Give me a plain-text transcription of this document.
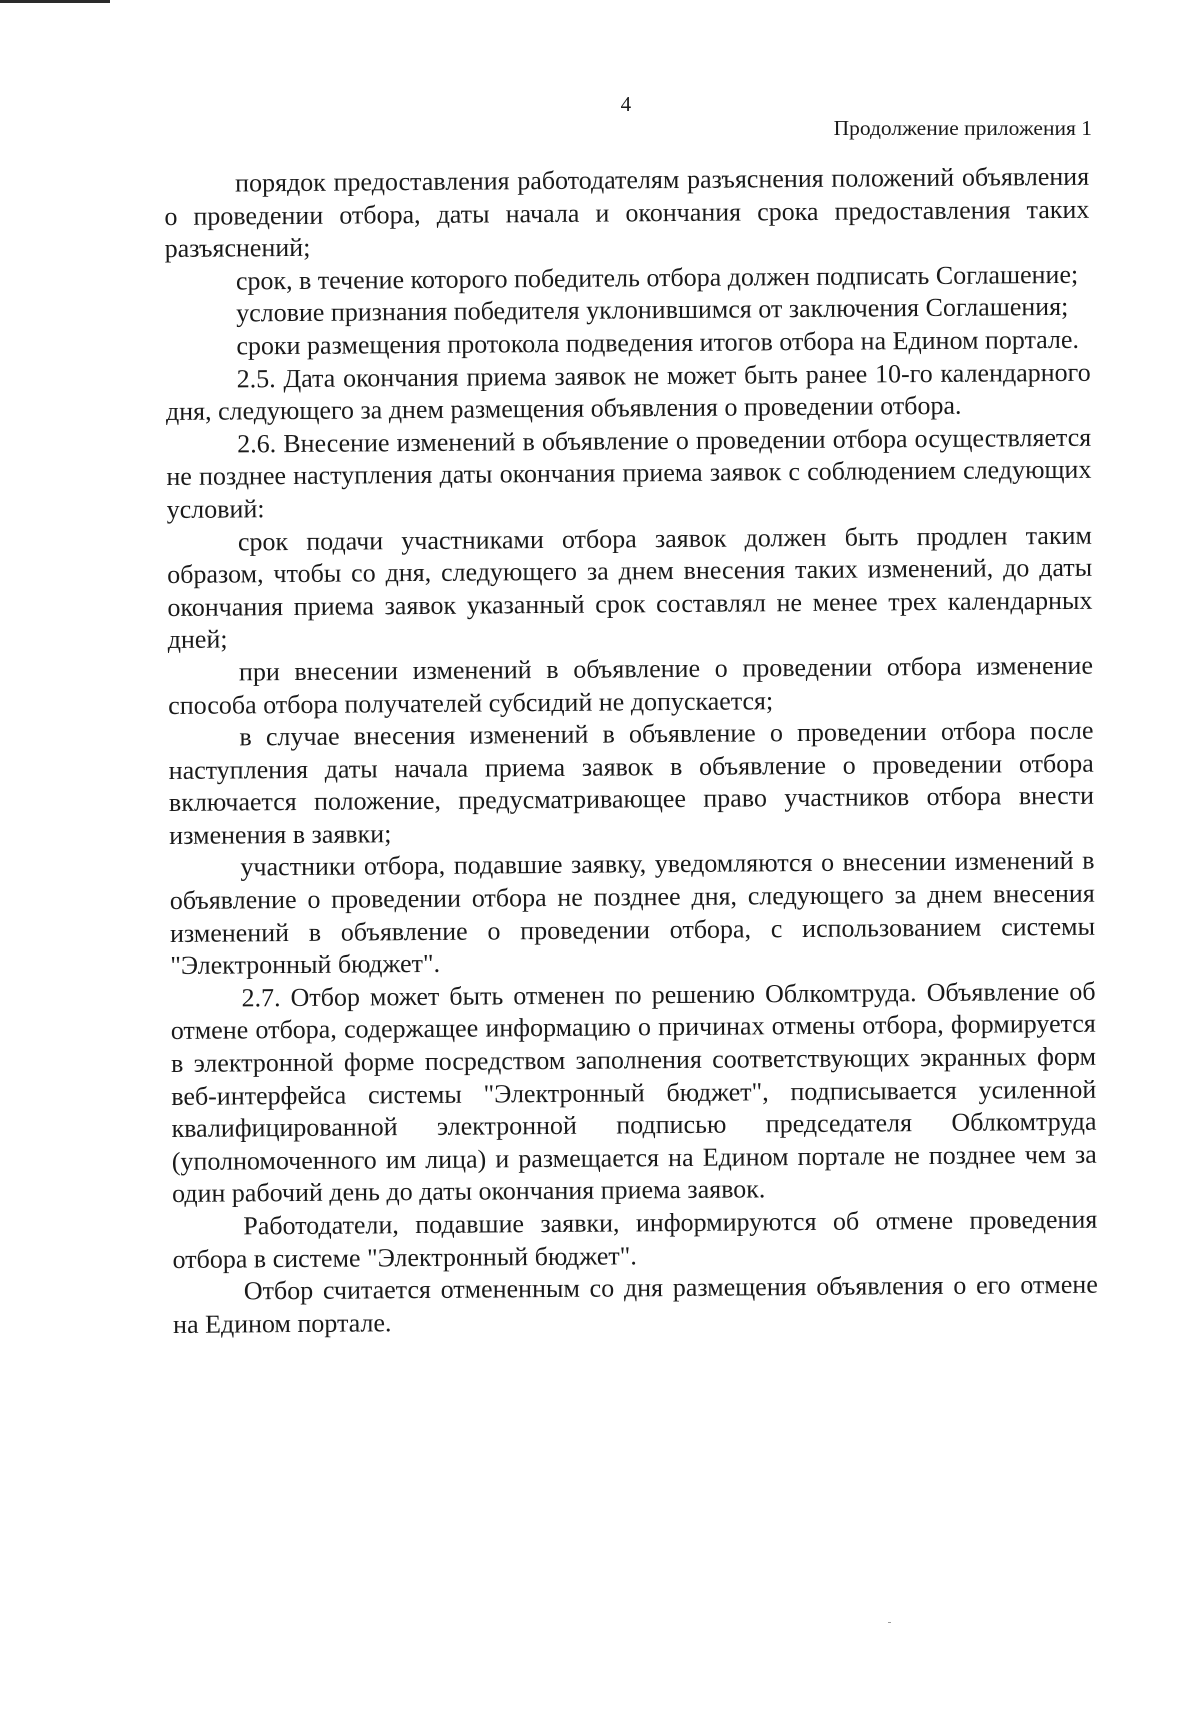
4
Продолжение приложения 1

порядок предоставления работодателям разъяснения положений объявления о проведении отбора, даты начала и окончания срока предоставления таких разъяснений;

срок, в течение которого победитель отбора должен подписать Соглашение;

условие признания победителя уклонившимся от заключения Соглашения;

сроки размещения протокола подведения итогов отбора на Едином портале.

2.5. Дата окончания приема заявок не может быть ранее 10-го календарного дня, следующего за днем размещения объявления о проведении отбора.

2.6. Внесение изменений в объявление о проведении отбора осуществляется не позднее наступления даты окончания приема заявок с соблюдением следующих условий:

срок подачи участниками отбора заявок должен быть продлен таким образом, чтобы со дня, следующего за днем внесения таких изменений, до даты окончания приема заявок указанный срок составлял не менее трех календарных дней;

при внесении изменений в объявление о проведении отбора изменение способа отбора получателей субсидий не допускается;

в случае внесения изменений в объявление о проведении отбора после наступления даты начала приема заявок в объявление о проведении отбора включается положение, предусматривающее право участников отбора внести изменения в заявки;

участники отбора, подавшие заявку, уведомляются о внесении изменений в объявление о проведении отбора не позднее дня, следующего за днем внесения изменений в объявление о проведении отбора, с использованием системы "Электронный бюджет".

2.7. Отбор может быть отменен по решению Облкомтруда. Объявление об отмене отбора, содержащее информацию о причинах отмены отбора, формируется в электронной форме посредством заполнения соответствующих экранных форм веб-интерфейса системы "Электронный бюджет", подписывается усиленной квалифицированной электронной подписью председателя Облкомтруда (уполномоченного им лица) и размещается на Едином портале не позднее чем за один рабочий день до даты окончания приема заявок.

Работодатели, подавшие заявки, информируются об отмене проведения отбора в системе "Электронный бюджет".

Отбор считается отмененным со дня размещения объявления о его отмене на Едином портале.
